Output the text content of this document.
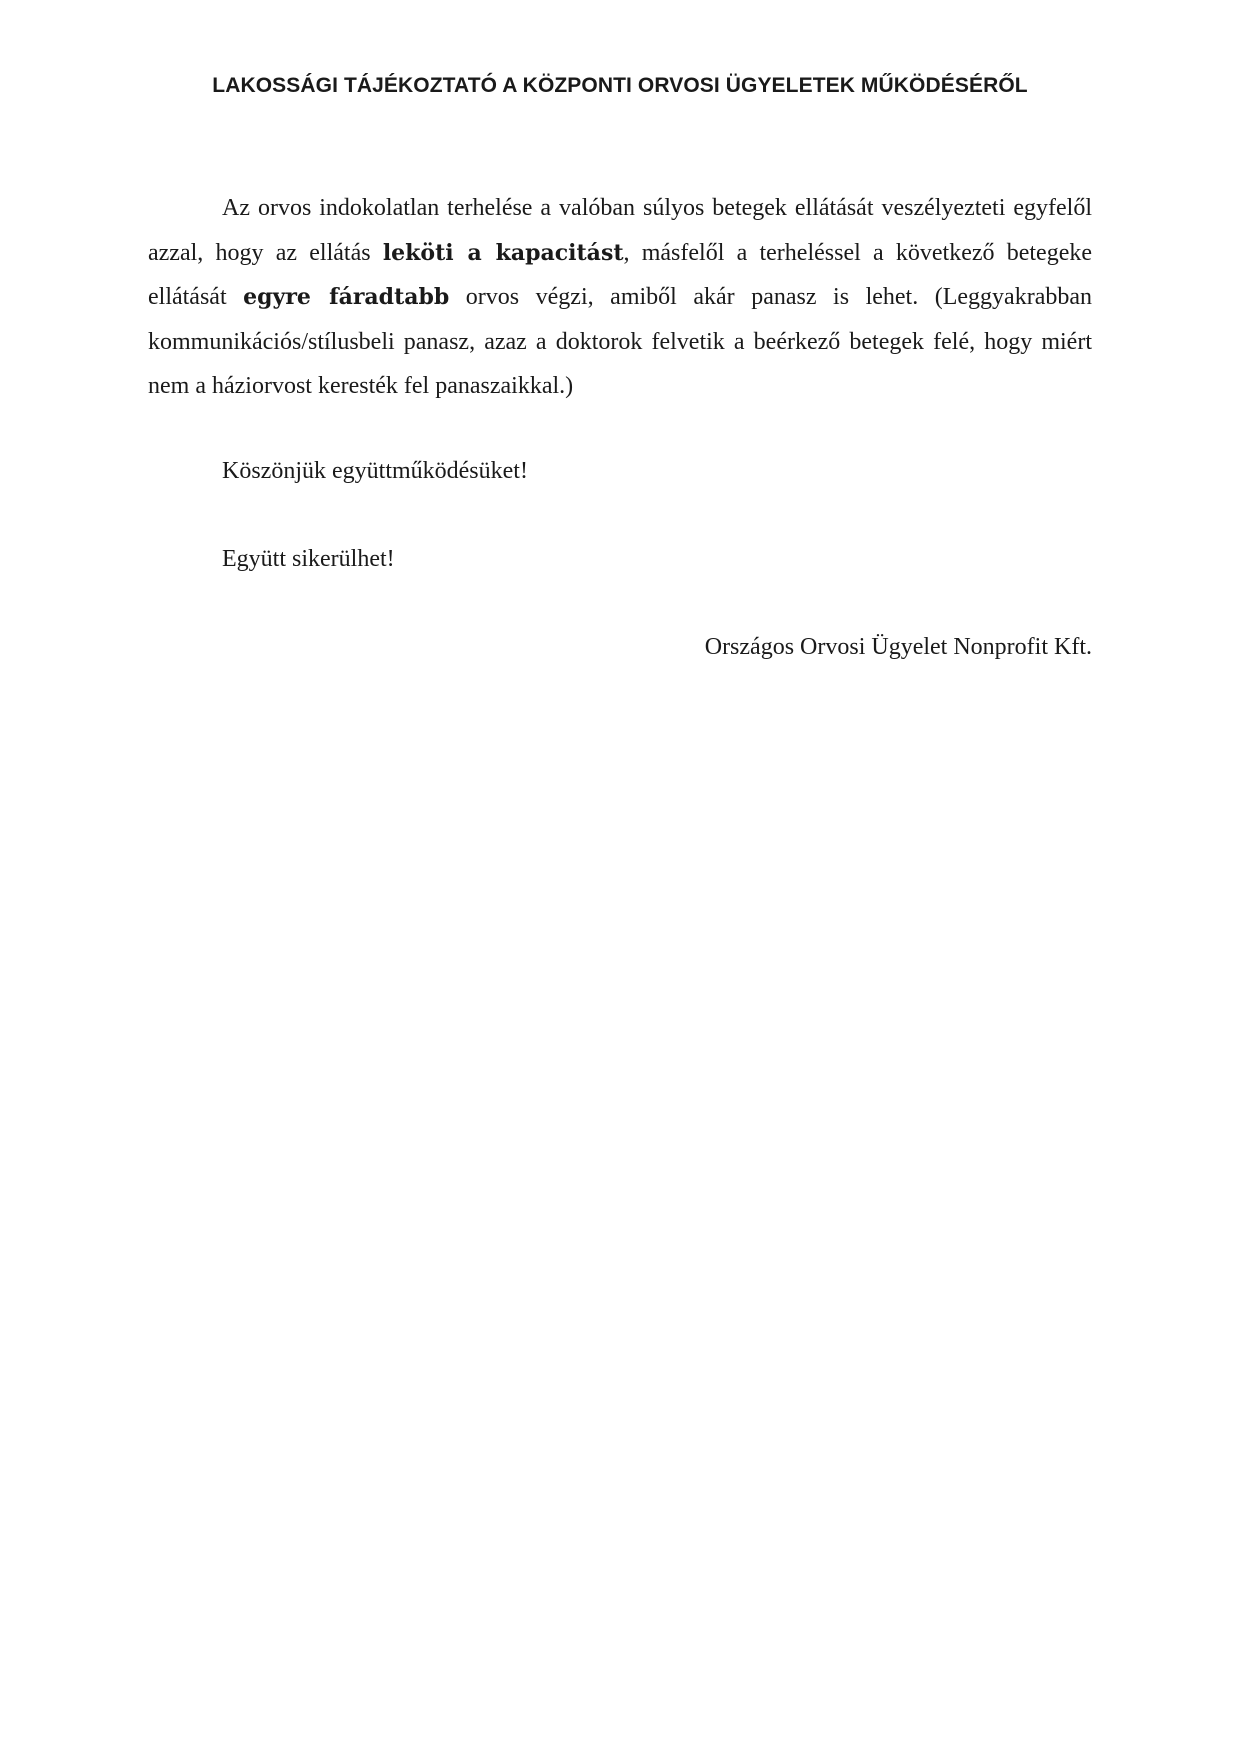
LAKOSSÁGI TÁJÉKOZTATÓ A KÖZPONTI ORVOSI ÜGYELETEK MŰKÖDÉSÉRŐL

Az orvos indokolatlan terhelése a valóban súlyos betegek ellátását veszélyezteti egyfelől azzal, hogy az ellátás leköti a kapacitást, másfelől a terheléssel a következő betegeke ellátását egyre fáradtabb orvos végzi, amiből akár panasz is lehet. (Leggyakrabban kommunikációs/stílusbeli panasz, azaz a doktorok felvetik a beérkező betegek felé, hogy miért nem a háziorvost keresték fel panaszaikkal.)

Köszönjük együttműködésüket!

Együtt sikerülhet!

Országos Orvosi Ügyelet Nonprofit Kft.
